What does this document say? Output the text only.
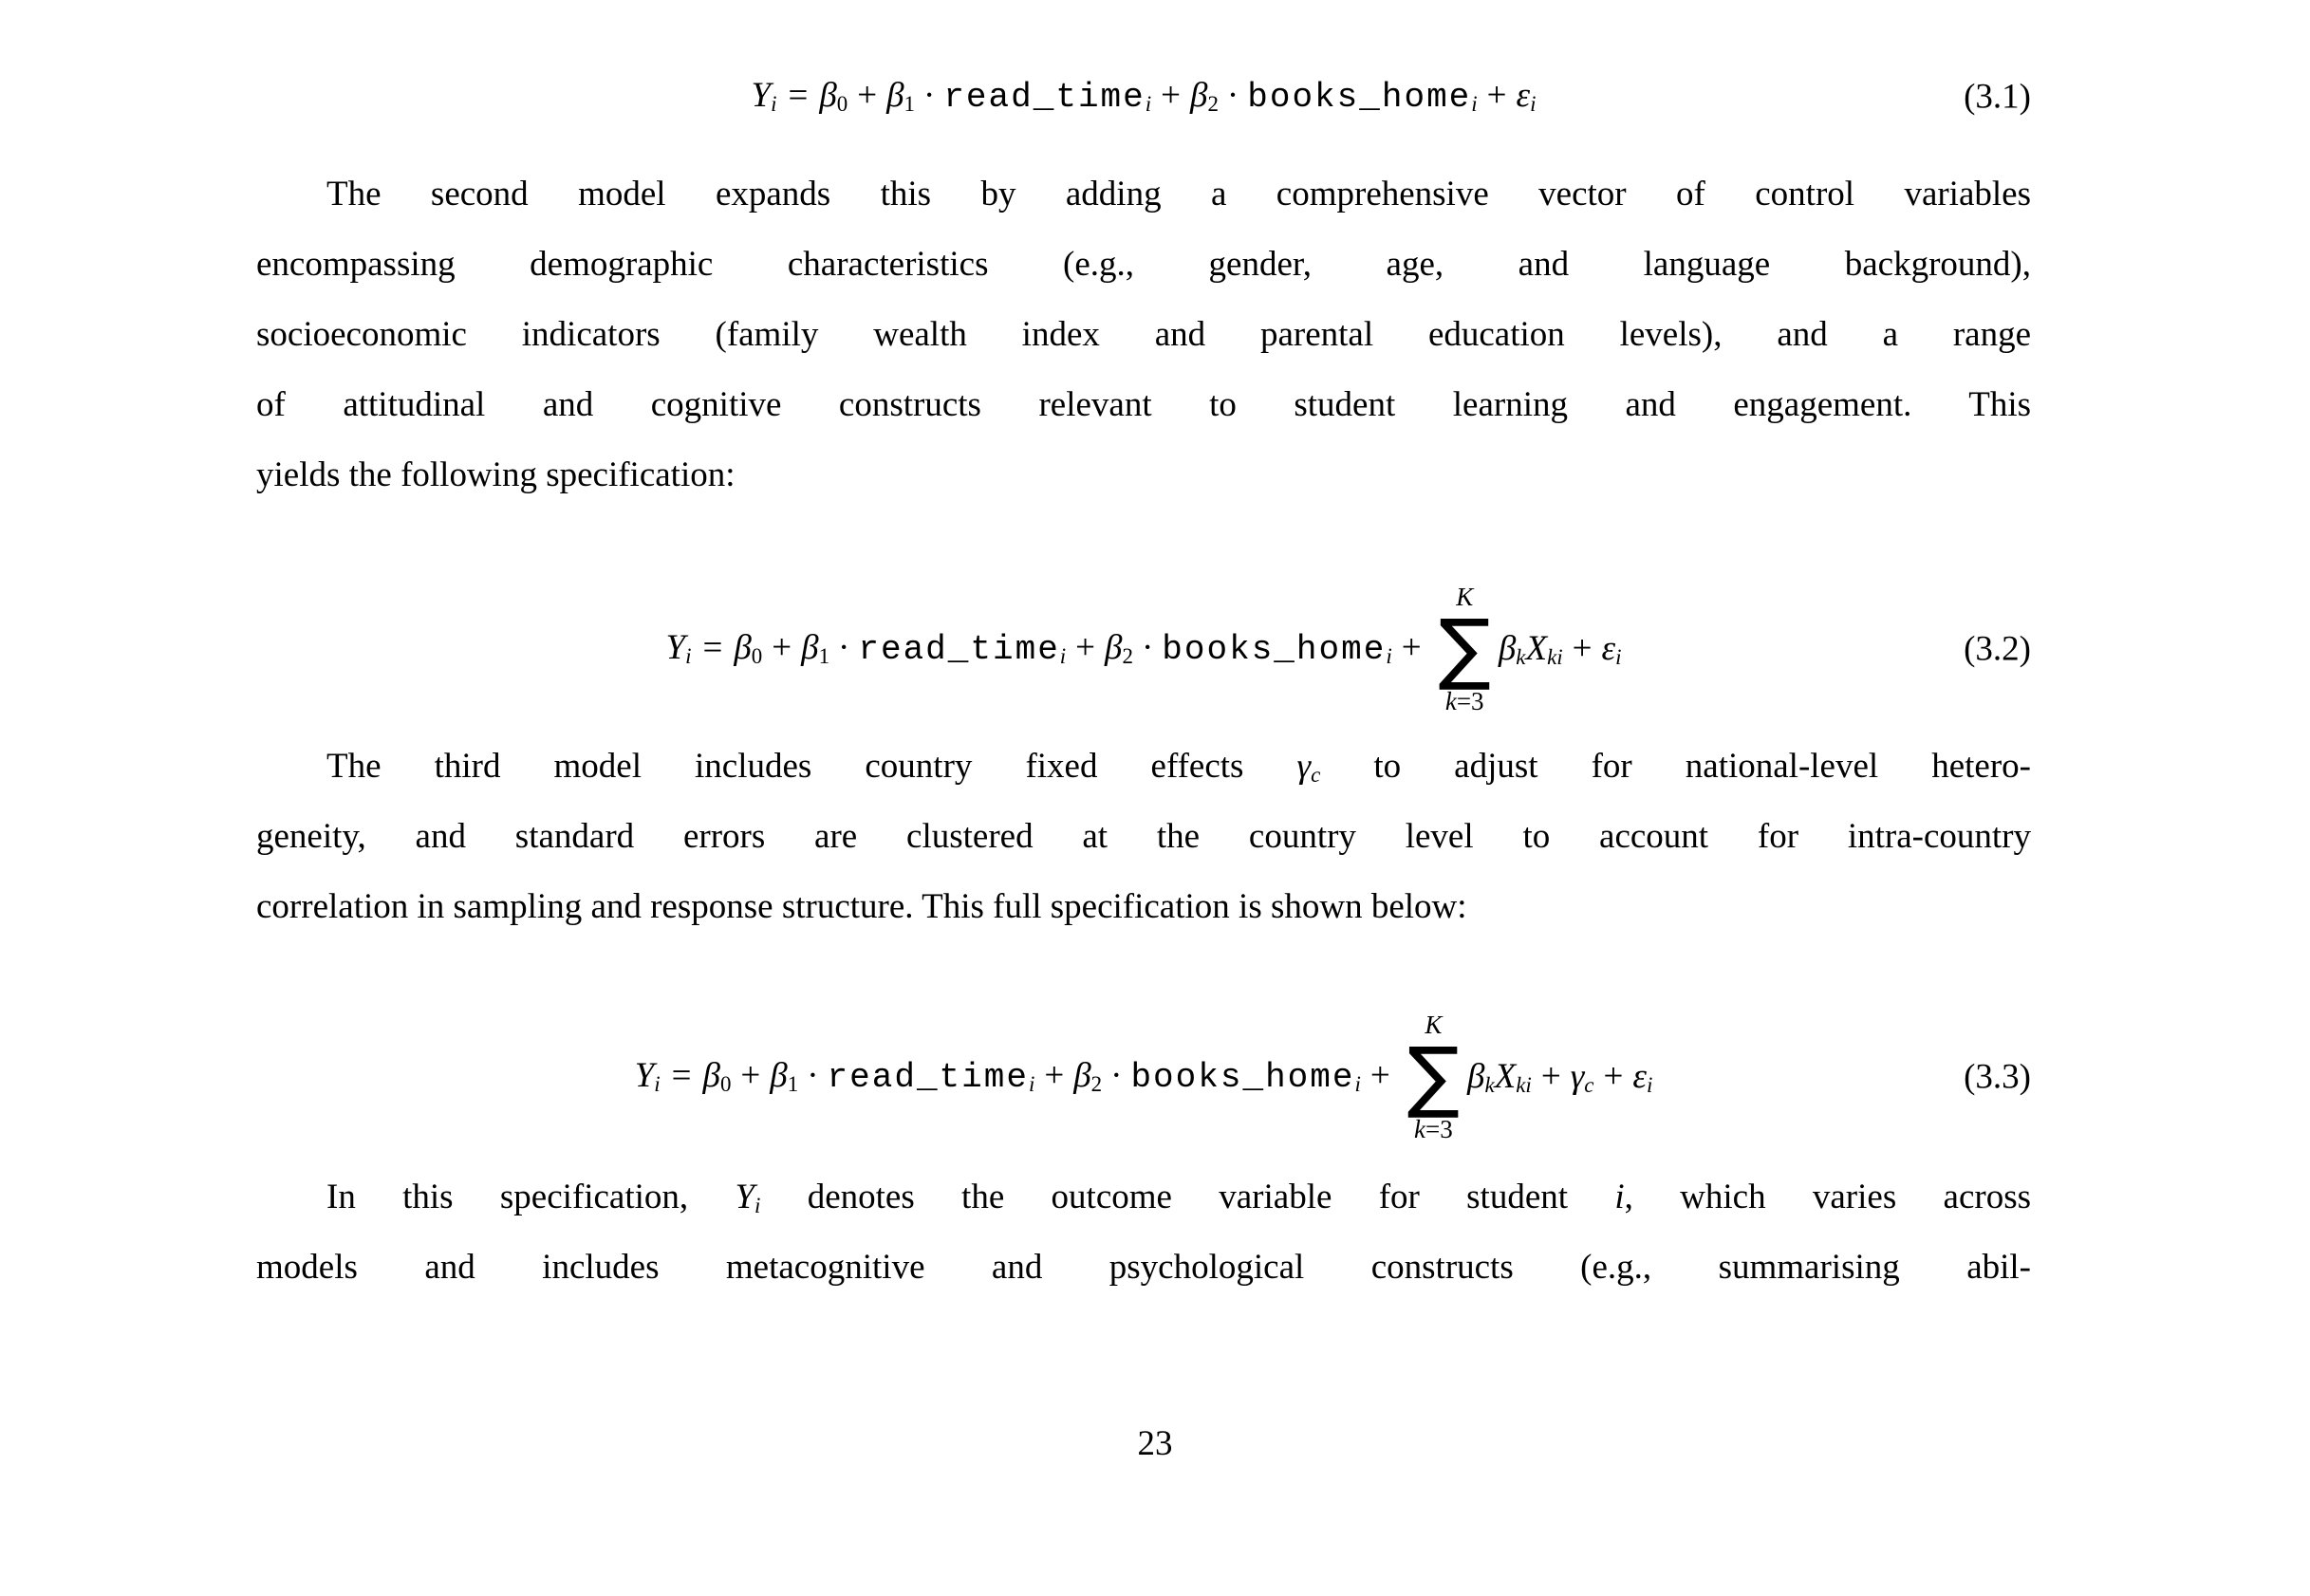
$Y_i = \beta_0 + \beta_1$ · read_time$_i$ + $\beta_2$ · books_home$_i$ + $\varepsilon_i$	(3.1)
The second model expands this by adding a comprehensive vector of control variables
encompassing demographic characteristics (e.g., gender, age, and language background),
socioeconomic indicators (family wealth index and parental education levels), and a range
of attitudinal and cognitive constructs relevant to student learning and engagement. This
yields the following specification:
$Y_i = \beta_0 + \beta_1$ · read_time$_i$ + $\beta_2$ · books_home$_i$ +
K
∑
k=3
$\beta_kX_{ki} + \varepsilon_i$	(3.2)
The third model includes country fixed effects $\gamma_c$ to adjust for national-level hetero-
geneity, and standard errors are clustered at the country level to account for intra-country
correlation in sampling and response structure. This full specification is shown below:
$Y_i = \beta_0 + \beta_1$ · read_time$_i$ + $\beta_2$ · books_home$_i$ +
K
∑
k=3
$\beta_kX_{ki} + \gamma_c + \varepsilon_i$	(3.3)
In this specification, $Y_i$ denotes the outcome variable for student i, which varies across
models and includes metacognitive and psychological constructs (e.g., summarising abil-
23
